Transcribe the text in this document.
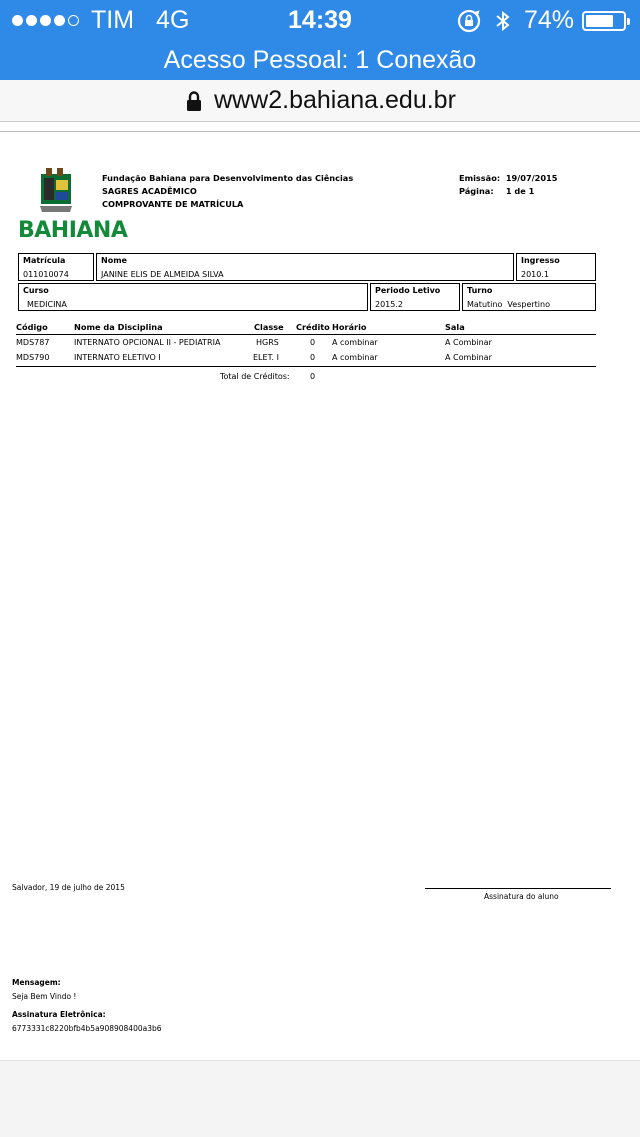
TIM 4G	14:39	74%
Acesso Pessoal: 1 Conexão
www2.bahiana.edu.br
BAHIANA
Fundação Bahiana para Desenvolvimento das Ciências
SAGRES ACADÊMICO
COMPROVANTE DE MATRÍCULA
Emissão: 19/07/2015
Página: 1 de 1
Matrícula
011010074
Nome
JANINE ELIS DE ALMEIDA SILVA
Ingresso
2010.1
Curso
MEDICINA
Periodo Letivo
2015.2
Turno
Matutino  Vespertino
Código	Nome da Disciplina	Classe Crédito Horário	Sala
MDS787	INTERNATO OPCIONAL II - PEDIATRIA	HGRS	0 A combinar	A Combinar
MDS790	INTERNATO ELETIVO I	ELET. I	0 A combinar	A Combinar
Total de Créditos:	0
Salvador, 19 de julho de 2015
Assinatura do aluno
Mensagem:
Seja Bem Vindo !
Assinatura Eletrônica:
6773331c8220bfb4b5a908908400a3b6
